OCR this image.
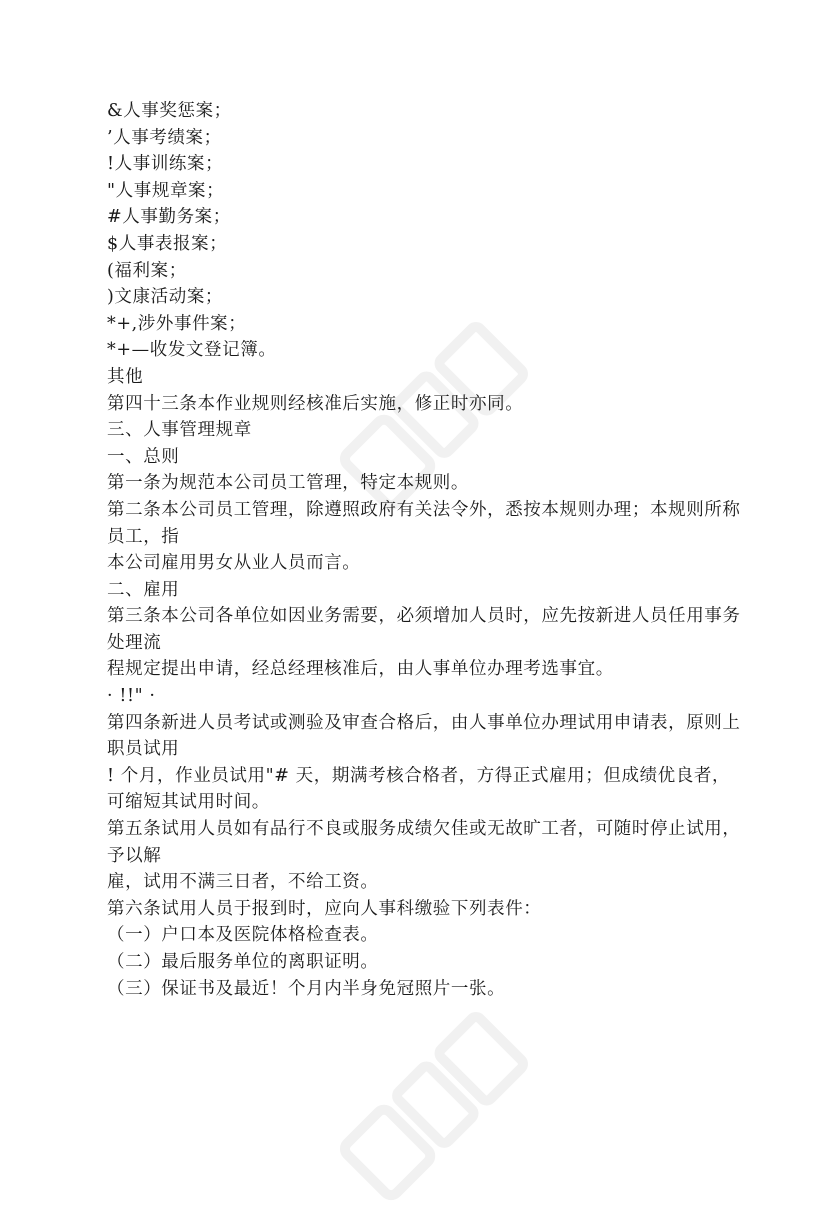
&人事奖惩案；
’人事考绩案；
!人事训练案；
"人事规章案；
#人事勤务案；
$人事表报案；
(福利案；
)文康活动案；
*+,涉外事件案；
*+—收发文登记簿。
其他
第四十三条本作业规则经核准后实施，修正时亦同。
三、人事管理规章
一、总则
第一条为规范本公司员工管理，特定本规则。
第二条本公司员工管理，除遵照政府有关法令外，悉按本规则办理；本规则所称
员工，指
本公司雇用男女从业人员而言。
二、雇用
第三条本公司各单位如因业务需要，必须增加人员时，应先按新进人员任用事务
处理流
程规定提出申请，经总经理核准后，由人事单位办理考选事宜。
· !!" ·
第四条新进人员考试或测验及审查合格后，由人事单位办理试用申请表，原则上
职员试用
! 个月，作业员试用"# 天，期满考核合格者，方得正式雇用；但成绩优良者，
可缩短其试用时间。
第五条试用人员如有品行不良或服务成绩欠佳或无故旷工者，可随时停止试用，
予以解
雇，试用不满三日者，不给工资。
第六条试用人员于报到时，应向人事科缴验下列表件：
（一）户口本及医院体格检查表。
（二）最后服务单位的离职证明。
（三）保证书及最近！个月内半身免冠照片一张。
